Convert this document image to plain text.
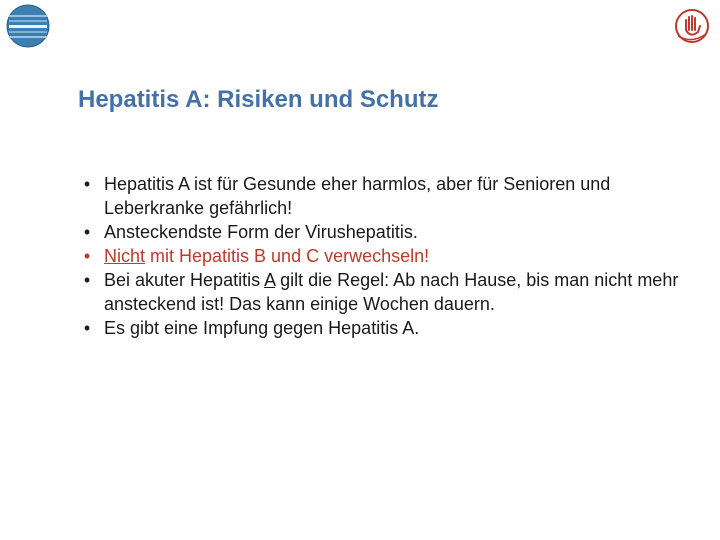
Hepatitis A: Risiken und Schutz
• Hepatitis A ist für Gesunde eher harmlos, aber für Senioren und Leberkranke gefährlich!
• Ansteckendste Form der Virushepatitis.
• Nicht mit Hepatitis B und C verwechseln!
• Bei akuter Hepatitis A gilt die Regel: Ab nach Hause, bis man nicht mehr ansteckend ist! Das kann einige Wochen dauern.
• Es gibt eine Impfung gegen Hepatitis A.
